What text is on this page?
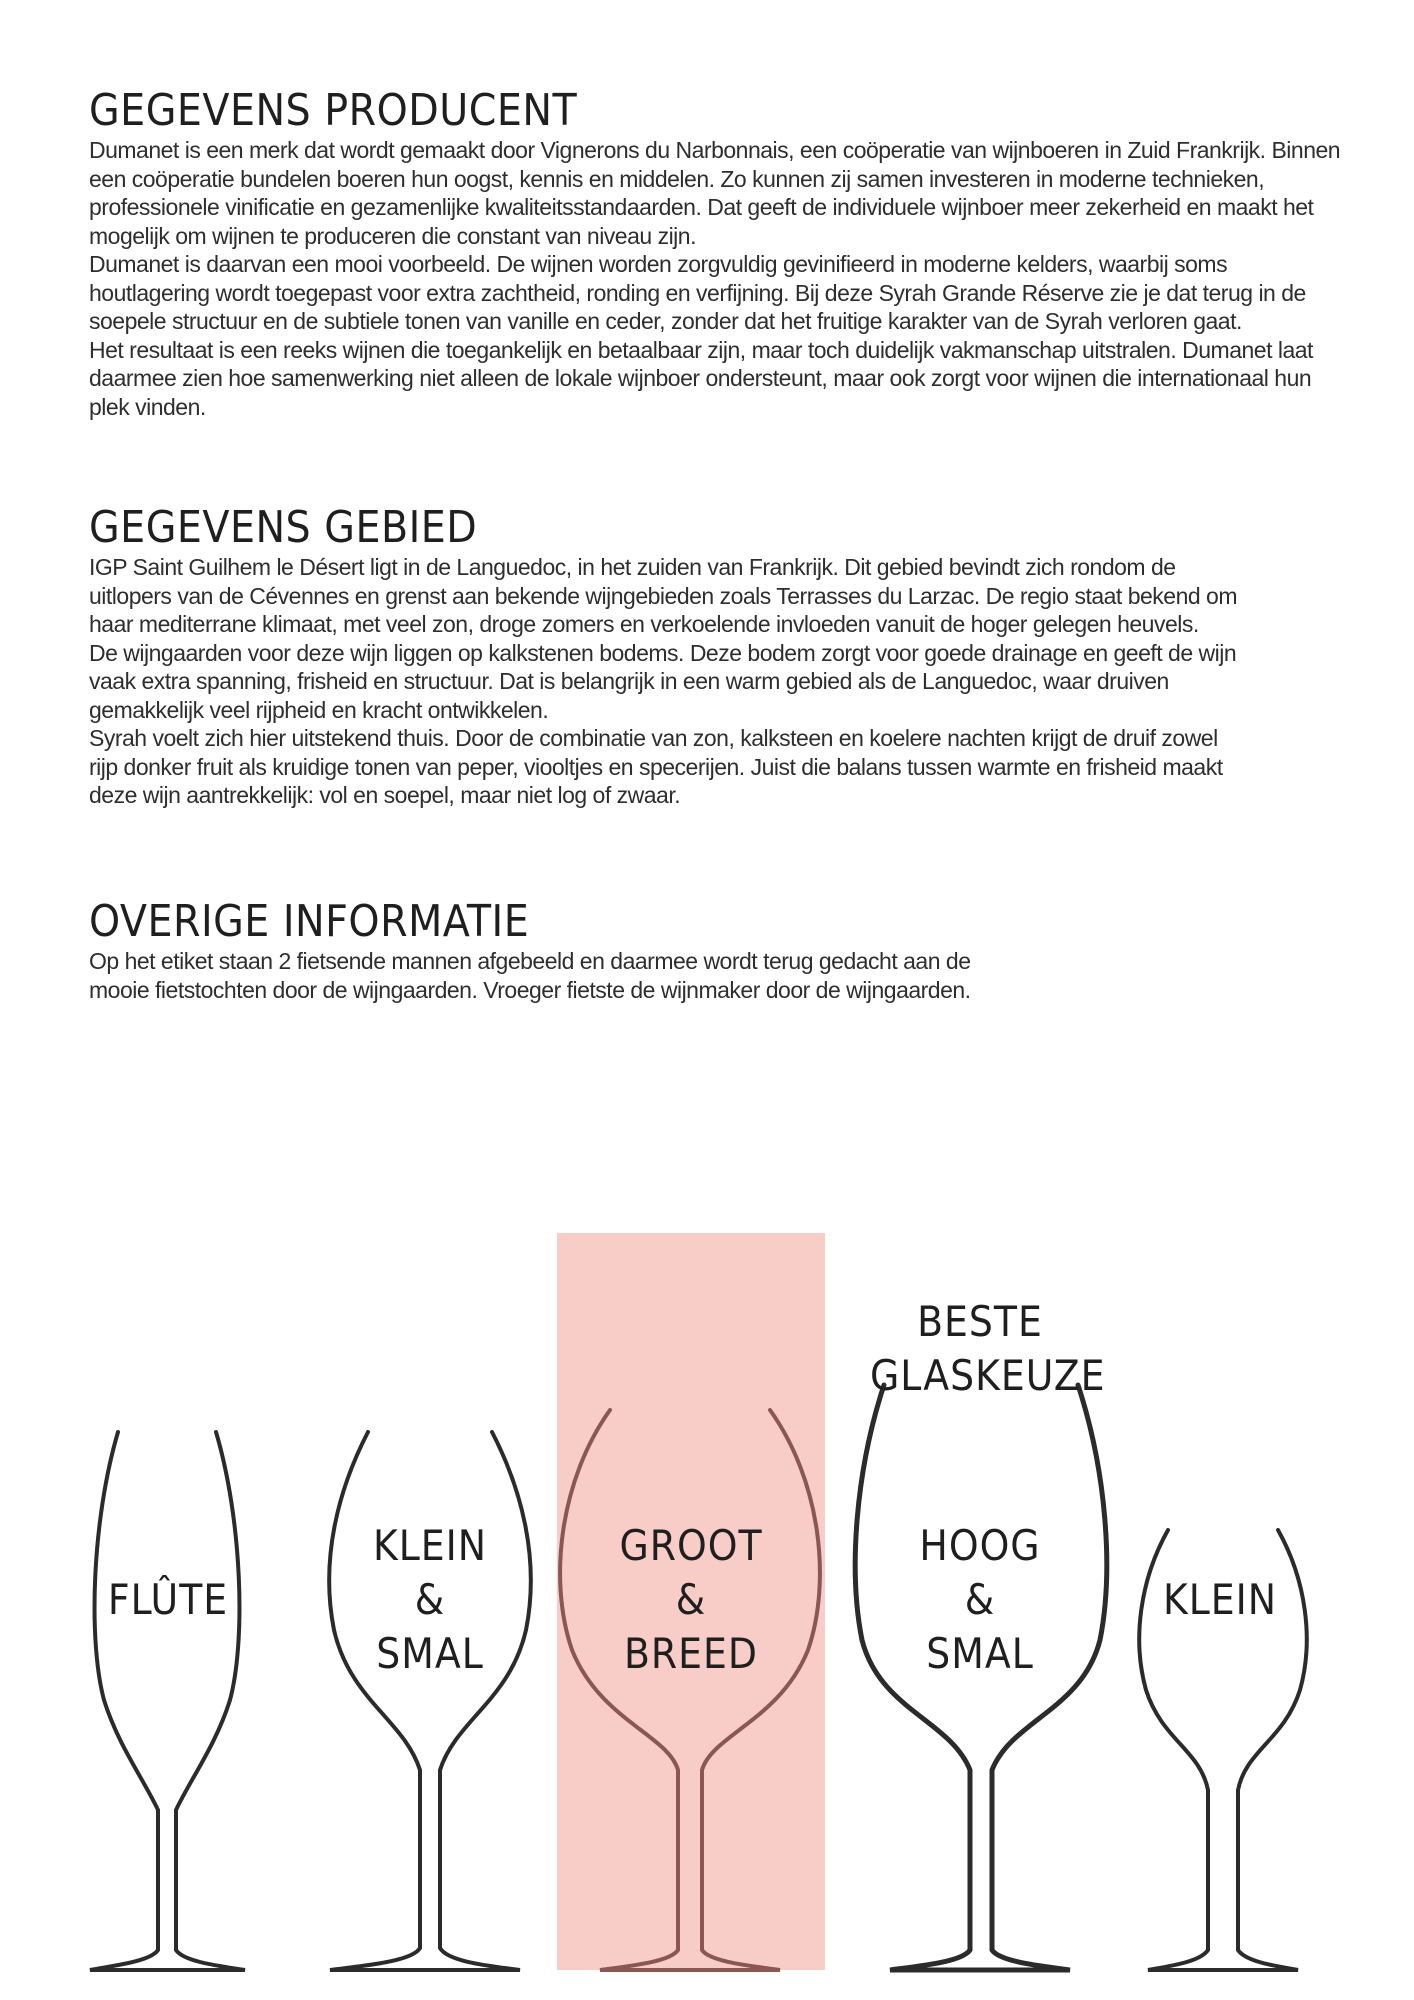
GEGEVENS PRODUCENT

Dumanet is een merk dat wordt gemaakt door Vignerons du Narbonnais, een coöperatie van wijnboeren in Zuid Frankrijk. Binnen een coöperatie bundelen boeren hun oogst, kennis en middelen. Zo kunnen zij samen investeren in moderne technieken, professionele vinificatie en gezamenlijke kwaliteitsstandaarden. Dat geeft de individuele wijnboer meer zekerheid en maakt het mogelijk om wijnen te produceren die constant van niveau zijn.

Dumanet is daarvan een mooi voorbeeld. De wijnen worden zorgvuldig gevinifieerd in moderne kelders, waarbij soms houtlagering wordt toegepast voor extra zachtheid, ronding en verfijning. Bij deze Syrah Grande Réserve zie je dat terug in de soepele structuur en de subtiele tonen van vanille en ceder, zonder dat het fruitige karakter van de Syrah verloren gaat.

Het resultaat is een reeks wijnen die toegankelijk en betaalbaar zijn, maar toch duidelijk vakmanschap uitstralen. Dumanet laat daarmee zien hoe samenwerking niet alleen de lokale wijnboer ondersteunt, maar ook zorgt voor wijnen die internationaal hun plek vinden.

GEGEVENS GEBIED

IGP Saint Guilhem le Désert ligt in de Languedoc, in het zuiden van Frankrijk. Dit gebied bevindt zich rondom de uitlopers van de Cévennes en grenst aan bekende wijngebieden zoals Terrasses du Larzac. De regio staat bekend om haar mediterrane klimaat, met veel zon, droge zomers en verkoelende invloeden vanuit de hoger gelegen heuvels.

De wijngaarden voor deze wijn liggen op kalkstenen bodems. Deze bodem zorgt voor goede drainage en geeft de wijn vaak extra spanning, frisheid en structuur. Dat is belangrijk in een warm gebied als de Languedoc, waar druiven gemakkelijk veel rijpheid en kracht ontwikkelen.

Syrah voelt zich hier uitstekend thuis. Door de combinatie van zon, kalksteen en koelere nachten krijgt de druif zowel rijp donker fruit als kruidige tonen van peper, viooltjes en specerijen. Juist die balans tussen warmte en frisheid maakt deze wijn aantrekkelijk: vol en soepel, maar niet log of zwaar.

OVERIGE INFORMATIE

Op het etiket staan 2 fietsende mannen afgebeeld en daarmee wordt terug gedacht aan de mooie fietstochten door de wijngaarden. Vroeger fietste de wijnmaker door de wijngaarden.

BESTE
GLASKEUZE
FLÛTE
KLEIN
&
SMAL
GROOT
&
BREED
HOOG
&
SMAL
KLEIN
